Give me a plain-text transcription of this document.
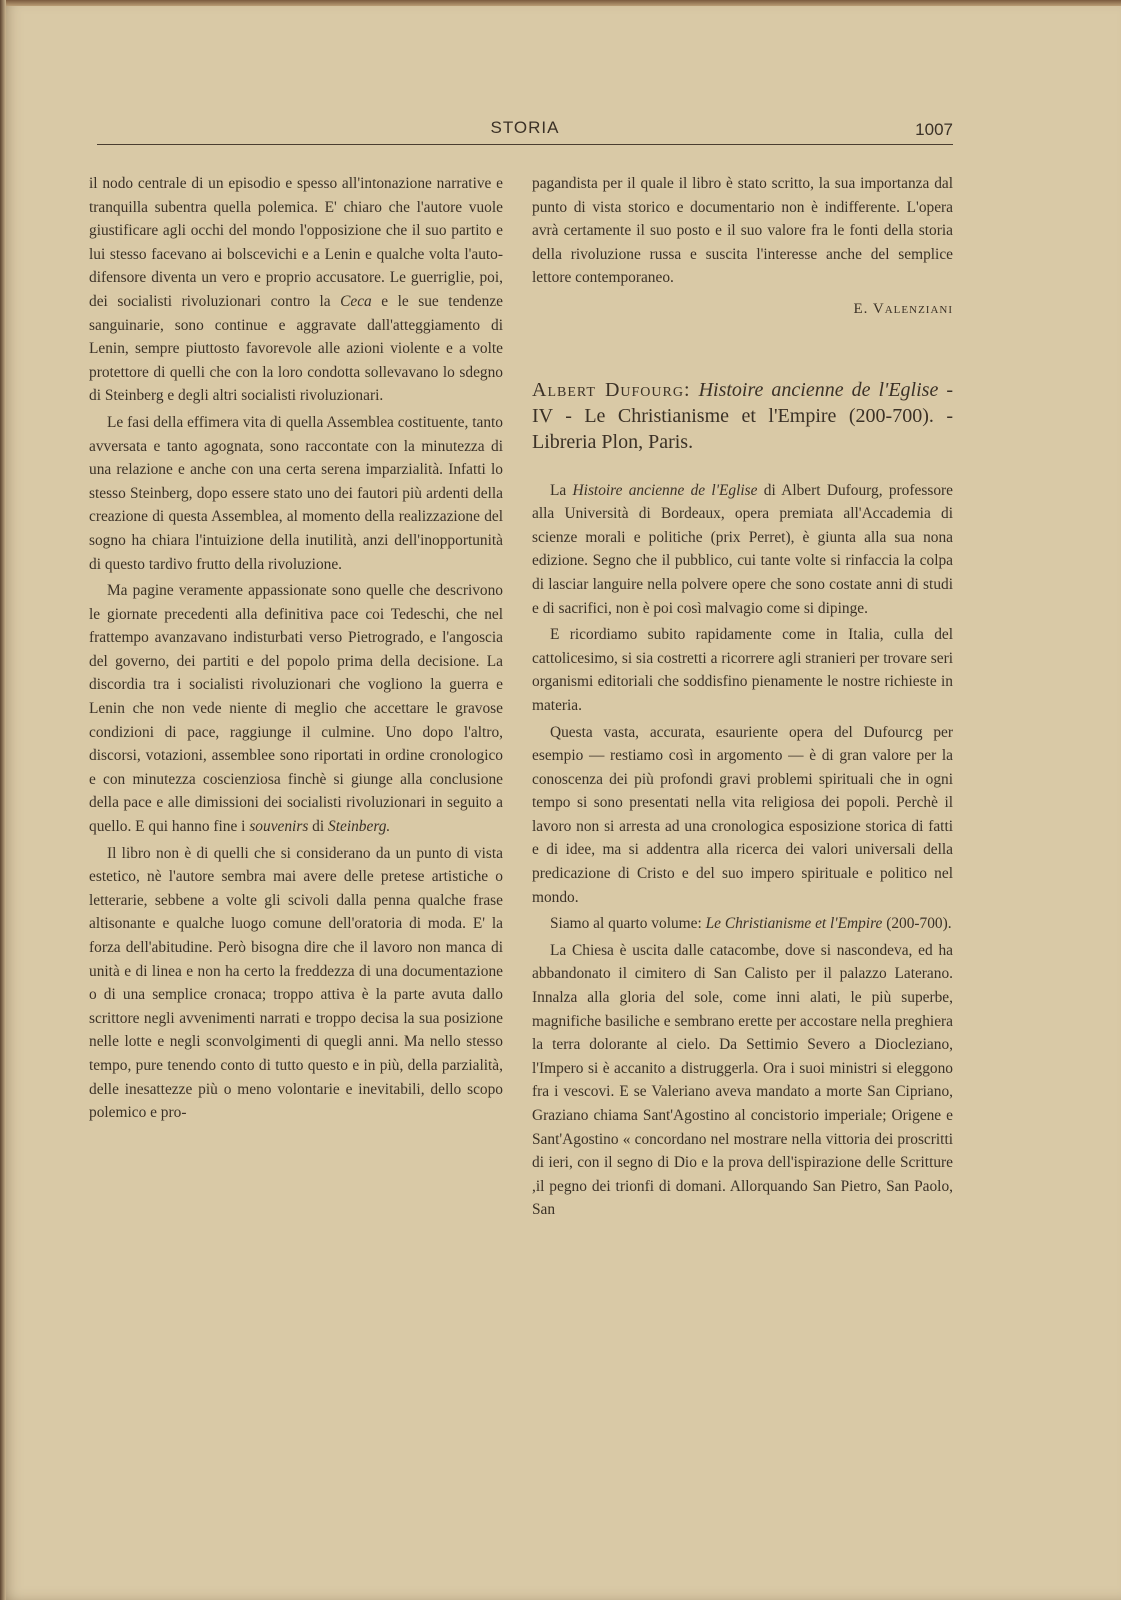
STORIA	1007

il nodo centrale di un episodio e spesso all'intonazione narrative e tranquilla subentra quella polemica. E' chiaro che l'autore vuole giustificare agli occhi del mondo l'opposizione che il suo partito e lui stesso facevano ai bolscevichi e a Lenin e qualche volta l'auto-difensore diventa un vero e proprio accusatore. Le guerriglie, poi, dei socialisti rivoluzionari contro la Ceca e le sue tendenze sanguinarie, sono continue e aggravate dall'atteggiamento di Lenin, sempre piuttosto favorevole alle azioni violente e a volte protettore di quelli che con la loro condotta sollevavano lo sdegno di Steinberg e degli altri socialisti rivoluzionari.

Le fasi della effimera vita di quella Assemblea costituente, tanto avversata e tanto agognata, sono raccontate con la minutezza di una relazione e anche con una certa serena imparzialità. Infatti lo stesso Steinberg, dopo essere stato uno dei fautori più ardenti della creazione di questa Assemblea, al momento della realizzazione del sogno ha chiara l'intuizione della inutilità, anzi dell'inopportunità di questo tardivo frutto della rivoluzione.

Ma pagine veramente appassionate sono quelle che descrivono le giornate precedenti alla definitiva pace coi Tedeschi, che nel frattempo avanzavano indisturbati verso Pietrogrado, e l'angoscia del governo, dei partiti e del popolo prima della decisione. La discordia tra i socialisti rivoluzionari che vogliono la guerra e Lenin che non vede niente di meglio che accettare le gravose condizioni di pace, raggiunge il culmine. Uno dopo l'altro, discorsi, votazioni, assemblee sono riportati in ordine cronologico e con minutezza coscienziosa finchè si giunge alla conclusione della pace e alle dimissioni dei socialisti rivoluzionari in seguito a quello. E qui hanno fine i souvenirs di Steinberg.

Il libro non è di quelli che si considerano da un punto di vista estetico, nè l'autore sembra mai avere delle pretese artistiche o letterarie, sebbene a volte gli scivoli dalla penna qualche frase altisonante e qualche luogo comune dell'oratoria di moda. E' la forza dell'abitudine. Però bisogna dire che il lavoro non manca di unità e di linea e non ha certo la freddezza di una documentazione o di una semplice cronaca; troppo attiva è la parte avuta dallo scrittore negli avvenimenti narrati e troppo decisa la sua posizione nelle lotte e negli sconvolgimenti di quegli anni. Ma nello stesso tempo, pure tenendo conto di tutto questo e in più, della parzialità, delle inesattezze più o meno volontarie e inevitabili, dello scopo polemico e pro-

pagandista per il quale il libro è stato scritto, la sua importanza dal punto di vista storico e documentario non è indifferente. L'opera avrà certamente il suo posto e il suo valore fra le fonti della storia della rivoluzione russa e suscita l'interesse anche del semplice lettore contemporaneo.

E. Valenziani
Albert Dufourg: Histoire ancienne de l'Eglise - IV - Le Christianisme et l'Empire (200-700). - Libreria Plon, Paris.

La Histoire ancienne de l'Eglise di Albert Dufourg, professore alla Università di Bordeaux, opera premiata all'Accademia di scienze morali e politiche (prix Perret), è giunta alla sua nona edizione. Segno che il pubblico, cui tante volte si rinfaccia la colpa di lasciar languire nella polvere opere che sono costate anni di studi e di sacrifici, non è poi così malvagio come si dipinge.

E ricordiamo subito rapidamente come in Italia, culla del cattolicesimo, si sia costretti a ricorrere agli stranieri per trovare seri organismi editoriali che soddisfino pienamente le nostre richieste in materia.

Questa vasta, accurata, esauriente opera del Dufourcg per esempio — restiamo così in argomento — è di gran valore per la conoscenza dei più profondi gravi problemi spirituali che in ogni tempo si sono presentati nella vita religiosa dei popoli. Perchè il lavoro non si arresta ad una cronologica esposizione storica di fatti e di idee, ma si addentra alla ricerca dei valori universali della predicazione di Cristo e del suo impero spirituale e politico nel mondo.

Siamo al quarto volume: Le Christianisme et l'Empire (200-700).

La Chiesa è uscita dalle catacombe, dove si nascondeva, ed ha abbandonato il cimitero di San Calisto per il palazzo Laterano. Innalza alla gloria del sole, come inni alati, le più superbe, magnifiche basiliche e sembrano erette per accostare nella preghiera la terra dolorante al cielo. Da Settimio Severo a Diocleziano, l'Impero si è accanito a distruggerla. Ora i suoi ministri si eleggono fra i vescovi. E se Valeriano aveva mandato a morte San Cipriano, Graziano chiama Sant'Agostino al concistorio imperiale; Origene e Sant'Agostino « concordano nel mostrare nella vittoria dei proscritti di ieri, con il segno di Dio e la prova dell'ispirazione delle Scritture ,il pegno dei trionfi di domani. Allorquando San Pietro, San Paolo, San
